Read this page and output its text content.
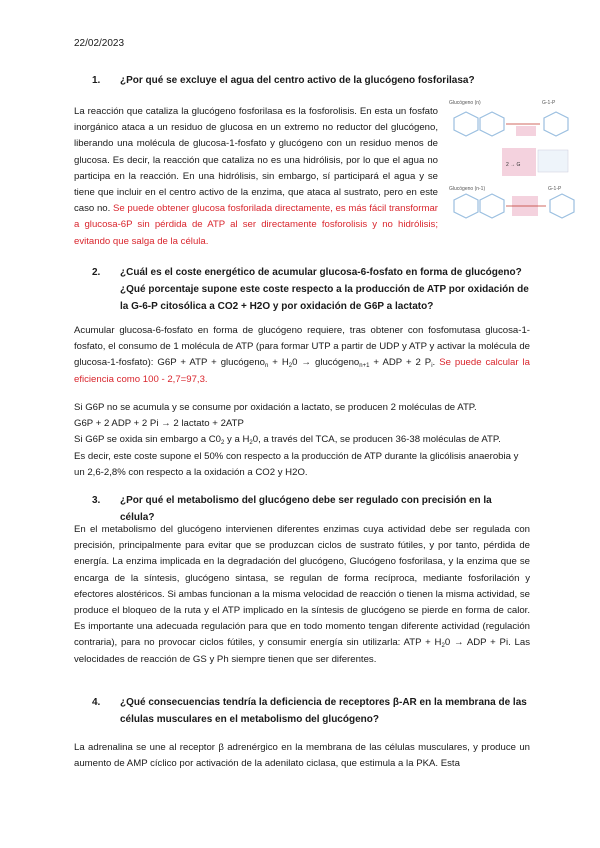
22/02/2023
1.	¿Por qué se excluye el agua del centro activo de la glucógeno fosforilasa?
La reacción que cataliza la glucógeno fosforilasa es la fosforolisis. En esta un fosfato inorgánico ataca a un residuo de glucosa en un extremo no reductor del glucógeno, liberando una molécula de glucosa-1-fosfato y glucógeno con un residuo menos de glucosa. Es decir, la reacción que cataliza no es una hidrólisis, por lo que el agua no participa en la reacción. En una hidrólisis, sin embargo, sí participará el agua y se tiene que incluir en el centro activo de la enzima, que ataca al sustrato, pero en este caso no. Se puede obtener glucosa fosforilada directamente, es más fácil transformar a glucosa-6P sin pérdida de ATP al ser directamente fosforolisis y no hidrólisis; evitando que salga de la célula.
Glucógeno (n)	G-1-P
2 → G
Glucógeno (n-1)	G-1-P
2.	¿Cuál es el coste energético de acumular glucosa-6-fosfato en forma de glucógeno? ¿Qué porcentaje supone este coste respecto a la producción de ATP por oxidación de la G-6-P citosólica a CO2 + H2O y por oxidación de G6P a lactato?
Acumular glucosa-6-fosfato en forma de glucógeno requiere, tras obtener con fosfomutasa glucosa-1-fosfato, el consumo de 1 molécula de ATP (para formar UTP a partir de UDP y ATP y activar la molécula de glucosa-1-fosfato): G6P + ATP + glucógeno$_n$ + $H_20$ → glucógeno$_{n+1}$ + ADP + 2 $P_i$. Se puede calcular la eficiencia como 100 - 2,7=97,3.
Si G6P no se acumula y se consume por oxidación a lactato, se producen 2 moléculas de ATP.
G6P + 2 ADP + 2 Pi → 2 lactato + 2ATP
Si G6P se oxida sin embargo a $C0_2$ y a $H_20$, a través del TCA, se producen 36-38 moléculas de ATP.
Es decir, este coste supone el 50% con respecto a la producción de ATP durante la glicólisis anaerobia y un 2,6-2,8% con respecto a la oxidación a CO2 y H2O.
3.	¿Por qué el metabolismo del glucógeno debe ser regulado con precisión en la célula?
En el metabolismo del glucógeno intervienen diferentes enzimas cuya actividad debe ser regulada con precisión, principalmente para evitar que se produzcan ciclos de sustrato fútiles, y por tanto, pérdida de energía. La enzima implicada en la degradación del glucógeno, Glucógeno fosforilasa, y la enzima que se encarga de la síntesis, glucógeno sintasa, se regulan de forma recíproca, mediante fosforilación y efectores alostéricos. Si ambas funcionan a la misma velocidad de reacción o tienen la misma actividad, se produce el bloqueo de la ruta y el ATP implicado en la síntesis de glucógeno se pierde en forma de calor. Es importante una adecuada regulación para que en todo momento tengan diferente actividad (regulación contraria), para no provocar ciclos fútiles, y consumir energía sin utilizarla: ATP + $H_20$ → ADP + Pi. Las velocidades de reacción de GS y Ph siempre tienen que ser diferentes.
4.	¿Qué consecuencias tendría la deficiencia de receptores β-AR en la membrana de las células musculares en el metabolismo del glucógeno?
La adrenalina se une al receptor β adrenérgico en la membrana de las células musculares, y produce un aumento de AMP cíclico por activación de la adenilato ciclasa, que estimula a la PKA. Esta
